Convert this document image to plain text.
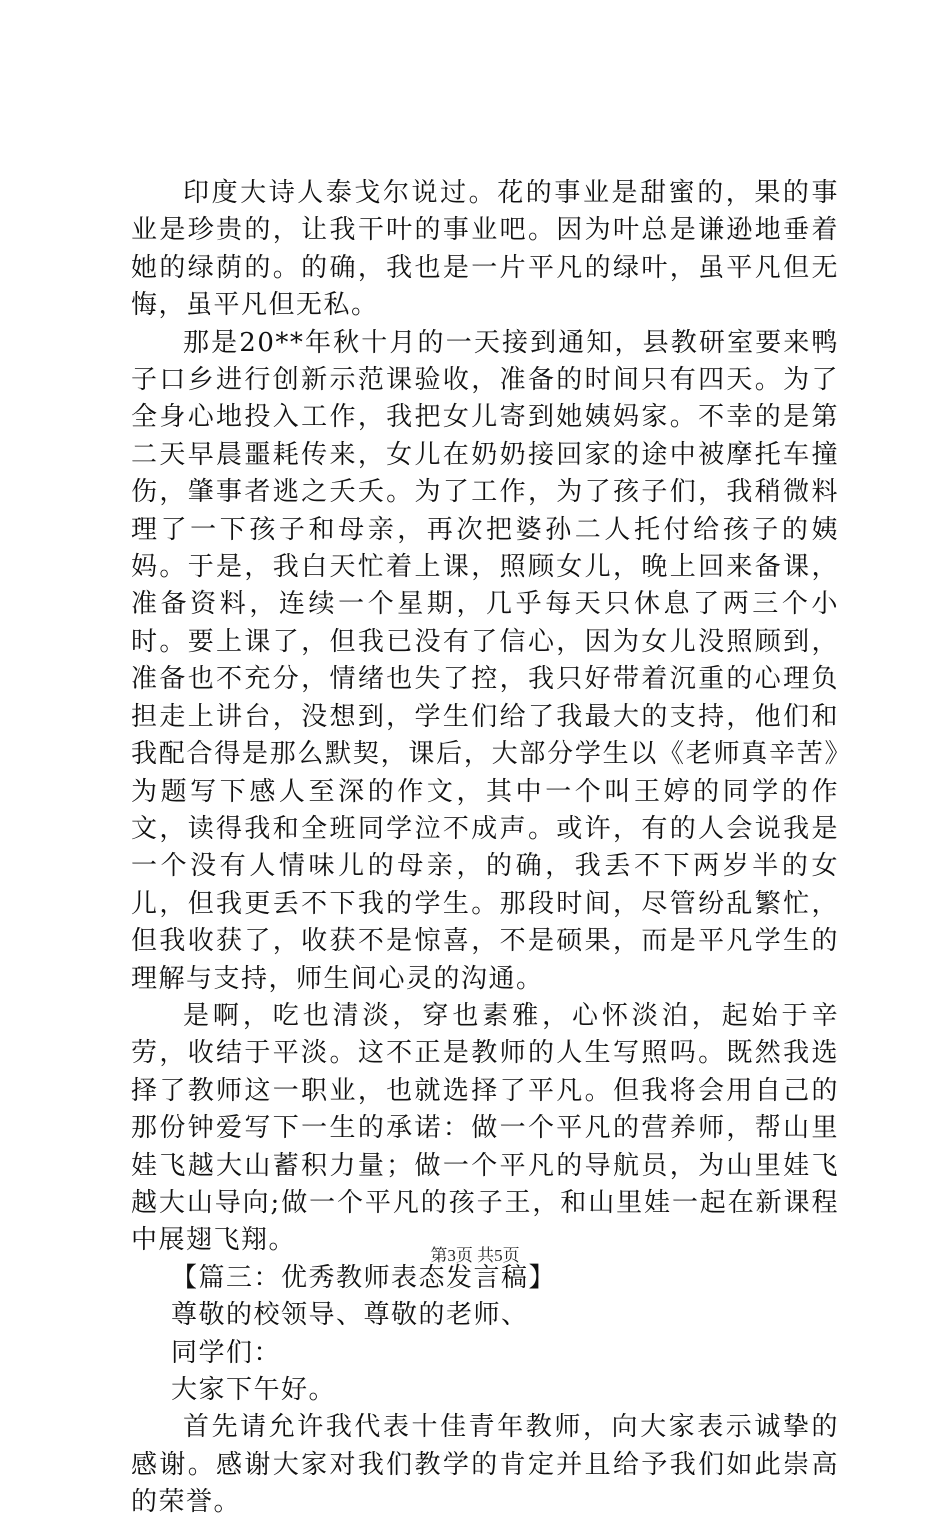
印度大诗人泰戈尔说过。花的事业是甜蜜的，果的事业是珍贵的，让我干叶的事业吧。因为叶总是谦逊地垂着她的绿荫的。的确，我也是一片平凡的绿叶，虽平凡但无悔，虽平凡但无私。

那是20**年秋十月的一天接到通知，县教研室要来鸭子口乡进行创新示范课验收，准备的时间只有四天。为了全身心地投入工作，我把女儿寄到她姨妈家。不幸的是第二天早晨噩耗传来，女儿在奶奶接回家的途中被摩托车撞伤，肇事者逃之夭夭。为了工作，为了孩子们，我稍微料理了一下孩子和母亲，再次把婆孙二人托付给孩子的姨妈。于是，我白天忙着上课，照顾女儿，晚上回来备课，准备资料，连续一个星期，几乎每天只休息了两三个小时。要上课了，但我已没有了信心，因为女儿没照顾到，准备也不充分，情绪也失了控，我只好带着沉重的心理负担走上讲台，没想到，学生们给了我最大的支持，他们和我配合得是那么默契，课后，大部分学生以《老师真辛苦》为题写下感人至深的作文，其中一个叫王婷的同学的作文，读得我和全班同学泣不成声。或许，有的人会说我是一个没有人情味儿的母亲，的确，我丢不下两岁半的女儿，但我更丢不下我的学生。那段时间，尽管纷乱繁忙，但我收获了，收获不是惊喜，不是硕果，而是平凡学生的理解与支持，师生间心灵的沟通。

是啊，吃也清淡，穿也素雅，心怀淡泊，起始于辛劳，收结于平淡。这不正是教师的人生写照吗。既然我选择了教师这一职业，也就选择了平凡。但我将会用自己的那份钟爱写下一生的承诺：做一个平凡的营养师，帮山里娃飞越大山蓄积力量；做一个平凡的导航员，为山里娃飞越大山导向;做一个平凡的孩子王，和山里娃一起在新课程中展翅飞翔。

【篇三：优秀教师表态发言稿】

尊敬的校领导、尊敬的老师、

同学们：

大家下午好。

首先请允许我代表十佳青年教师，向大家表示诚挚的感谢。感谢大家对我们教学的肯定并且给予我们如此崇高的荣誉。

第3页 共5页
